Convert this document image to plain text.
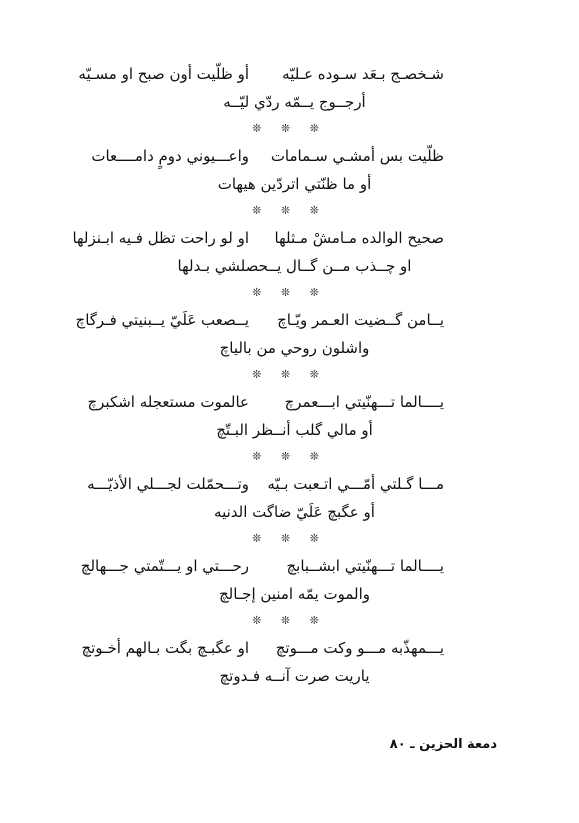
شـخصـج بـعَد سـوده عـليّه
أو ظلّيت أون صبح او مسـيّه
أرجــوج يــمّه ردّي ليّــه
❊ ❊ ❊
ظلّيت بس أمشـي سـمامات
واعـــيوني دومٍ دامــــعات
أو ما ظنّتي اتردّين هيهات
❊ ❊ ❊
صحيح الوالده مـامشْ مـثلها
او لو راحت تظل فـيه ابـنزلها
او چــذب مــن گــال يــحصلشي بـدلها
❊ ❊ ❊
يــامن گــضيت العـمر ويّـاچ
يــصعب عَلَيّ يــبنيتي فـرگاچ
واشلون روحي من بالياچ
❊ ❊ ❊
يــــالما تـــهنّيتي ابـــعمرچ
عالموت مستعجله اشكبرچ
أو مالي گلب أنــظر البـتّچ
❊ ❊ ❊
مـــا گـلتي أمّـــي اتـعبت بـيّه
وتـــحمّلت لجـــلي الأذيّـــه
أو عگبچ عَلَيّ ضاگت الدنيه
❊ ❊ ❊
يــــالما تـــهنّيتي ابشــبابچ
رحـــتي او يـــتّمتي جـــهالچ
والموت يمّه امنين إجـالچ
❊ ❊ ❊
يـــمهذّبه مـــو وكت مـــوتچ
او عگبـچ بگت بـالهم أخـوتچ
ياريت صرت آنــه فـدوتچ
دمعة الحزين ـ ٨٠
